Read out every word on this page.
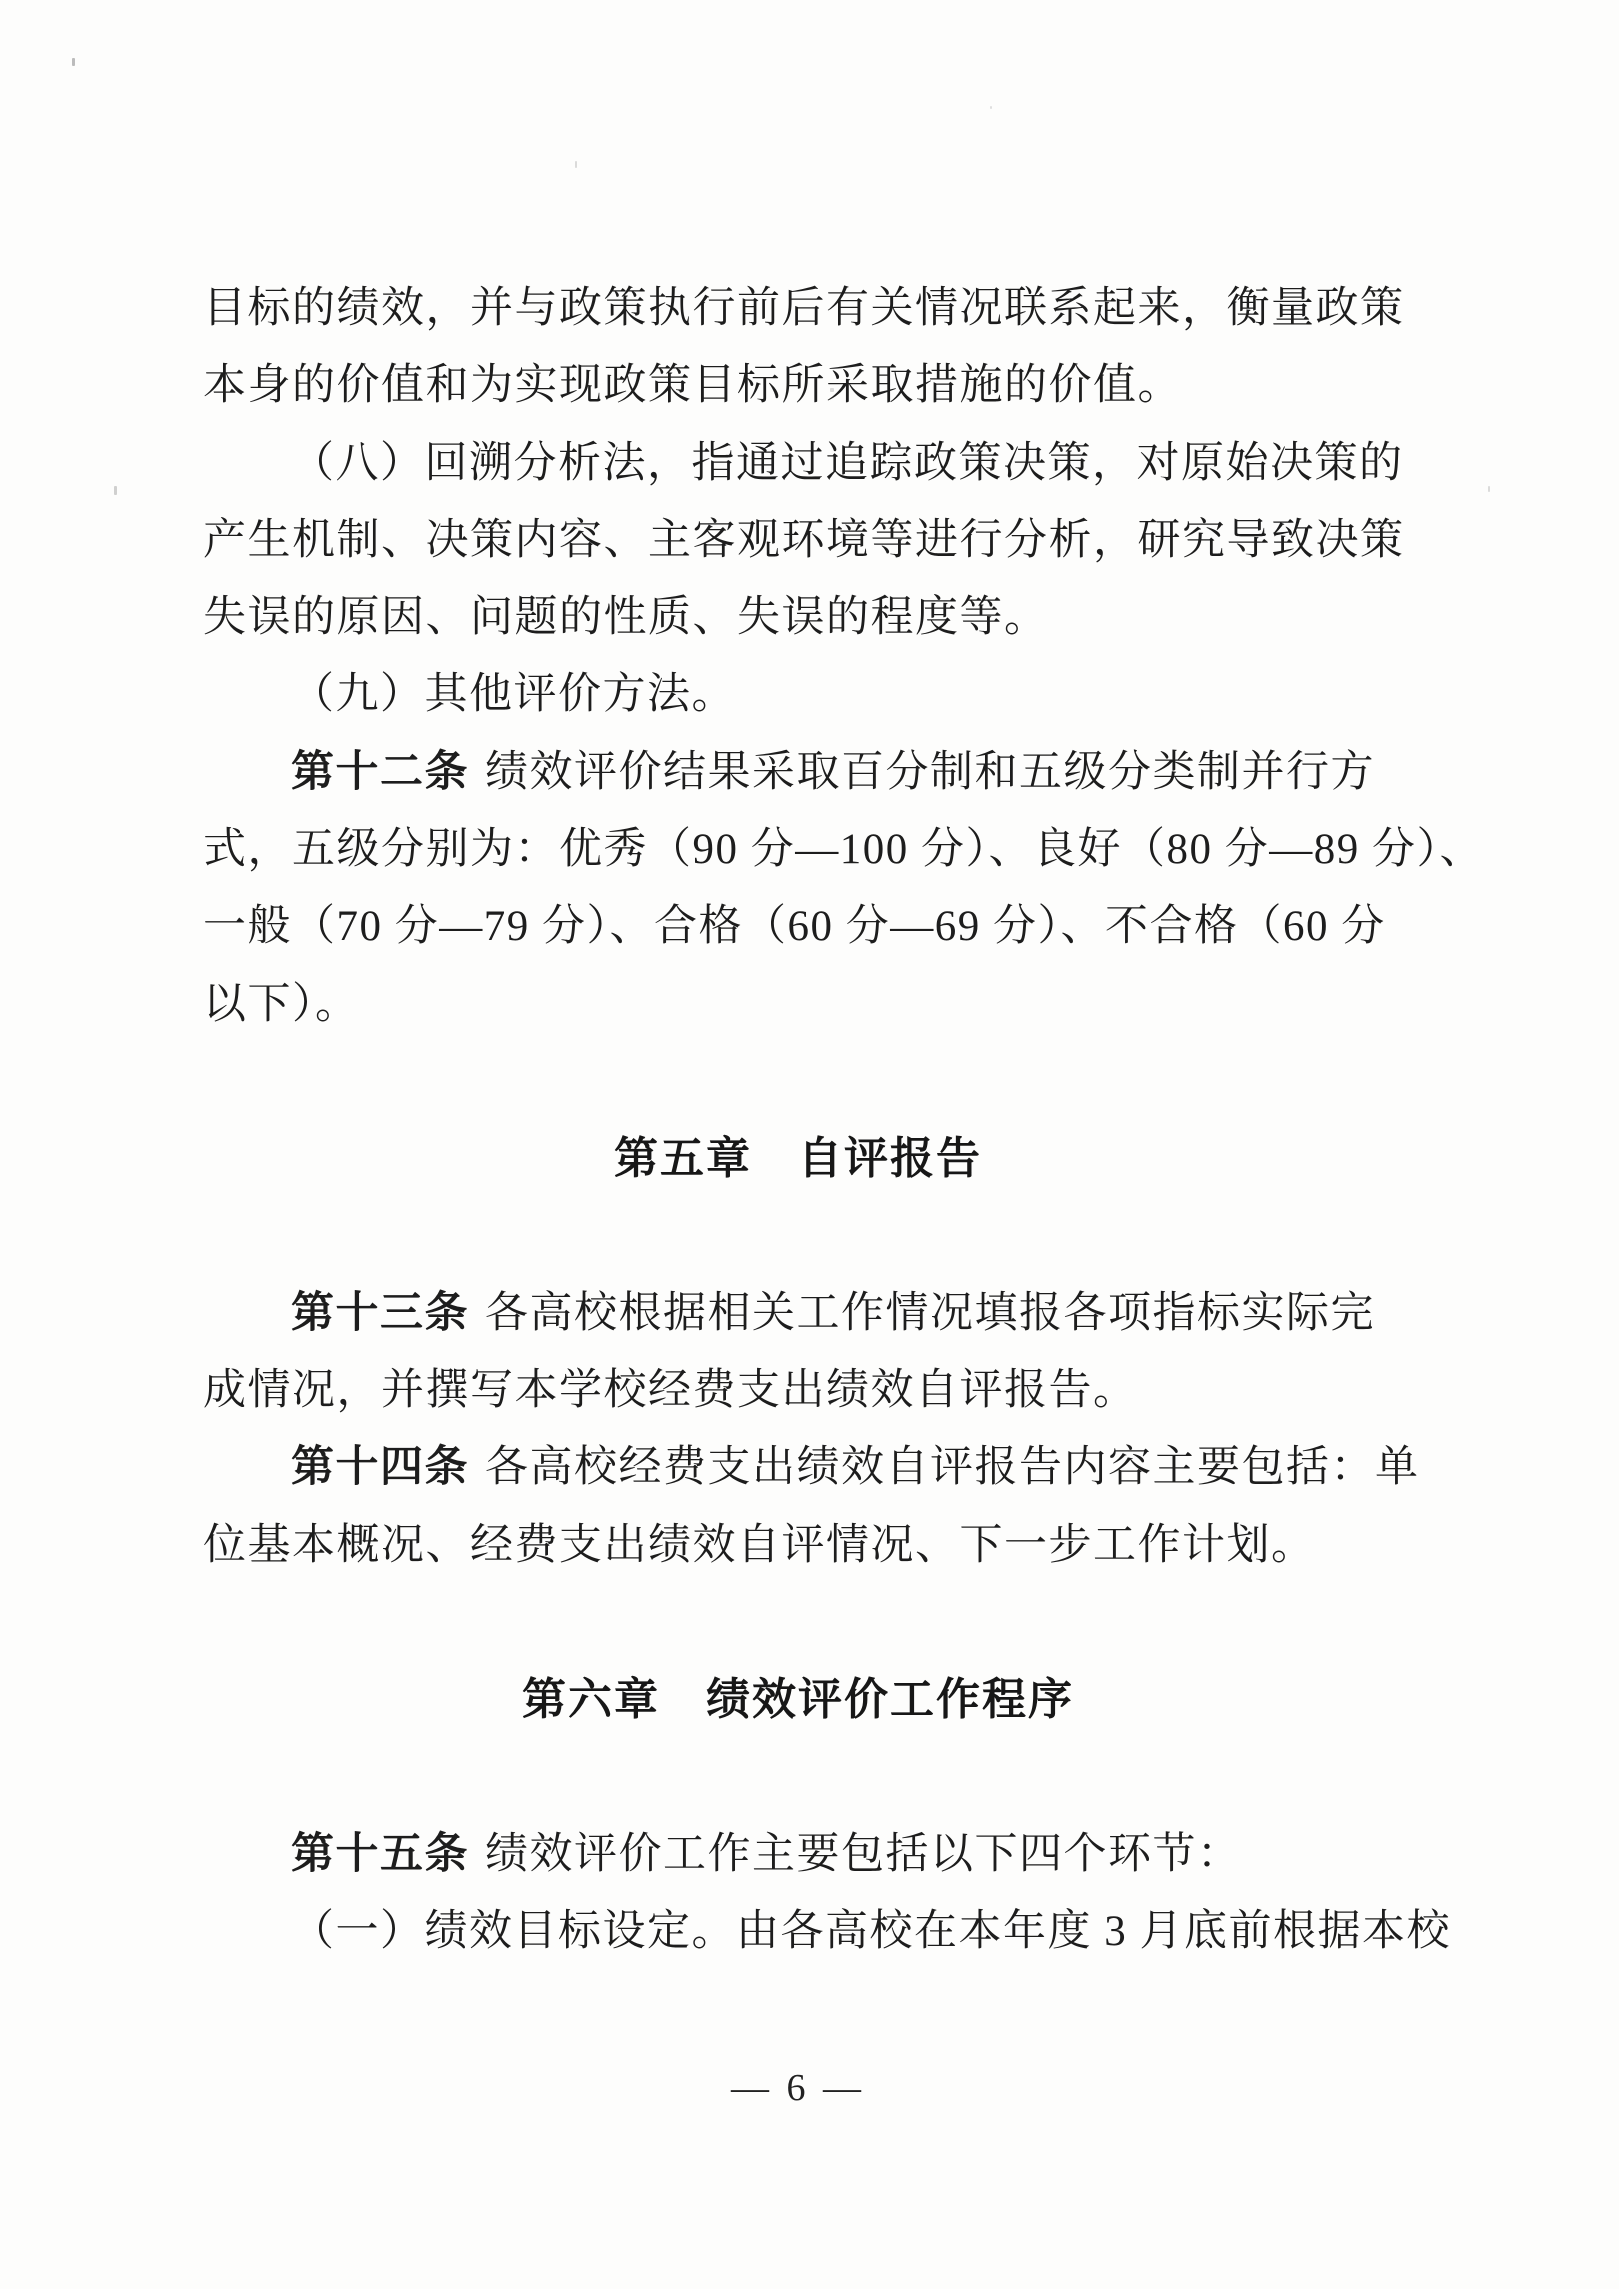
目标的绩效，并与政策执行前后有关情况联系起来，衡量政策
本身的价值和为实现政策目标所采取措施的价值。
（八）回溯分析法，指通过追踪政策决策，对原始决策的
产生机制、决策内容、主客观环境等进行分析，研究导致决策
失误的原因、问题的性质、失误的程度等。
（九）其他评价方法。
第十二条 绩效评价结果采取百分制和五级分类制并行方
式，五级分别为：优秀（90 分—100 分）、良好（80 分—89 分）、
一般（70 分—79 分）、合格（60 分—69 分）、不合格（60 分
以下）。
第五章　自评报告
第十三条 各高校根据相关工作情况填报各项指标实际完
成情况，并撰写本学校经费支出绩效自评报告。
第十四条 各高校经费支出绩效自评报告内容主要包括：单
位基本概况、经费支出绩效自评情况、下一步工作计划。
第六章　绩效评价工作程序
第十五条 绩效评价工作主要包括以下四个环节：
（一）绩效目标设定。由各高校在本年度 3 月底前根据本校
— 6 —
